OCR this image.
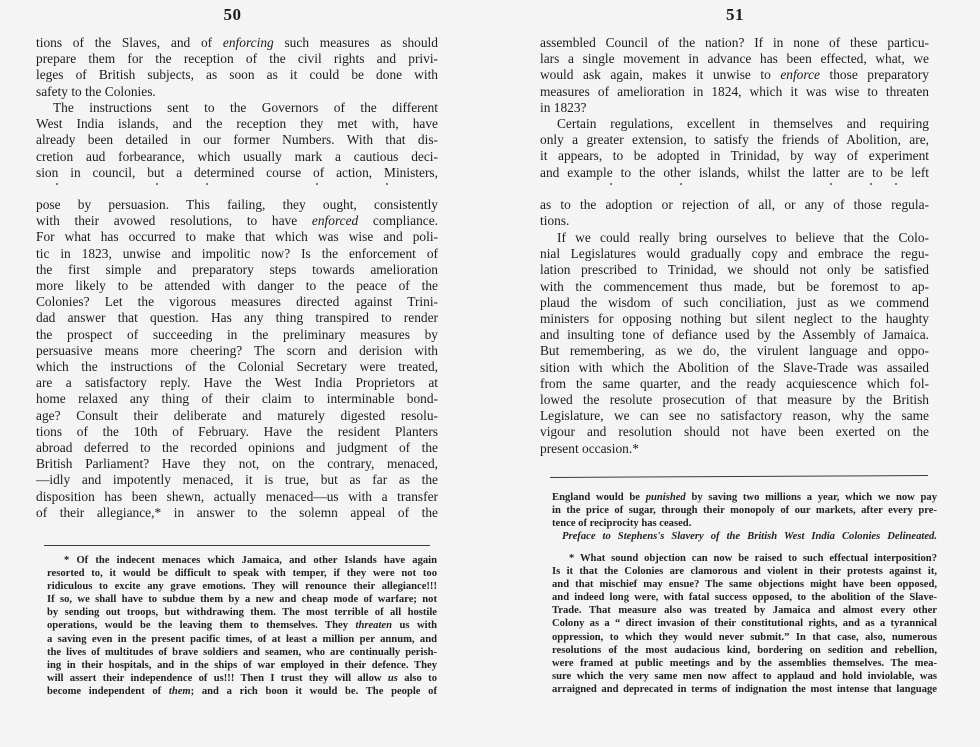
50
tions of the Slaves, and of enforcing such measures as should
prepare them for the reception of the civil rights and privi-
leges of British subjects, as soon as it could be done with
safety to the Colonies.
The instructions sent to the Governors of the different
West India islands, and the reception they met with, have
already been detailed in our former Numbers. With that dis-
cretion aud forbearance, which usually mark a cautious deci-
sion in council, but a determined course of action, Ministers,
pose by persuasion. This failing, they ought, consistently
with their avowed resolutions, to have enforced compliance.
For what has occurred to make that which was wise and poli-
tic in 1823, unwise and impolitic now? Is the enforcement of
the first simple and preparatory steps towards amelioration
more likely to be attended with danger to the peace of the
Colonies? Let the vigorous measures directed against Trini-
dad answer that question. Has any thing transpired to render
the prospect of succeeding in the preliminary measures by
persuasive means more cheering? The scorn and derision with
which the instructions of the Colonial Secretary were treated,
are a satisfactory reply. Have the West India Proprietors at
home relaxed any thing of their claim to interminable bond-
age? Consult their deliberate and maturely digested resolu-
tions of the 10th of February. Have the resident Planters
abroad deferred to the recorded opinions and judgment of the
British Parliament? Have they not, on the contrary, menaced,
—idly and impotently menaced, it is true, but as far as the
disposition has been shewn, actually menaced—us with a transfer
of their allegiance,* in answer to the solemn appeal of the
* Of the indecent menaces which Jamaica, and other Islands have again
resorted to, it would be difficult to speak with temper, if they were not too
ridiculous to excite any grave emotions. They will renounce their allegiance!!!
If so, we shall have to subdue them by a new and cheap mode of warfare; not
by sending out troops, but withdrawing them. The most terrible of all hostile
operations, would be the leaving them to themselves. They threaten us with
a saving even in the present pacific times, of at least a million per annum, and
the lives of multitudes of brave soldiers and seamen, who are continually perish-
ing in their hospitals, and in the ships of war employed in their defence. They
will assert their independence of us!!! Then I trust they will allow us also to
become independent of them; and a rich boon it would be. The people of
51
assembled Council of the nation? If in none of these particu-
lars a single movement in advance has been effected, what, we
would ask again, makes it unwise to enforce those preparatory
measures of amelioration in 1824, which it was wise to threaten
in 1823?
Certain regulations, excellent in themselves and requiring
only a greater extension, to satisfy the friends of Abolition, are,
it appears, to be adopted in Trinidad, by way of experiment
and example to the other islands, whilst the latter are to be left
as to the adoption or rejection of all, or any of those regula-
tions.
If we could really bring ourselves to believe that the Colo-
nial Legislatures would gradually copy and embrace the regu-
lation prescribed to Trinidad, we should not only be satisfied
with the commencement thus made, but be foremost to ap-
plaud the wisdom of such conciliation, just as we commend
ministers for opposing nothing but silent neglect to the haughty
and insulting tone of defiance used by the Assembly of Jamaica.
But remembering, as we do, the virulent language and oppo-
sition with which the Abolition of the Slave-Trade was assailed
from the same quarter, and the ready acquiescence which fol-
lowed the resolute prosecution of that measure by the British
Legislature, we can see no satisfactory reason, why the same
vigour and resolution should not have been exerted on the
present occasion.*
England would be punished by saving two millions a year, which we now pay
in the price of sugar, through their monopoly of our markets, after every pre-
tence of reciprocity has ceased.
Preface to Stephens's Slavery of the British West India Colonies Delineated.
* What sound objection can now be raised to such effectual interposition?
Is it that the Colonies are clamorous and violent in their protests against it,
and that mischief may ensue? The same objections might have been opposed,
and indeed long were, with fatal success opposed, to the abolition of the Slave-
Trade. That measure also was treated by Jamaica and almost every other
Colony as a “ direct invasion of their constitutional rights, and as a tyrannical
oppression, to which they would never submit.” In that case, also, numerous
resolutions of the most audacious kind, bordering on sedition and rebellion,
were framed at public meetings and by the assemblies themselves. The mea-
sure which the very same men now affect to applaud and hold inviolable, was
arraigned and deprecated in terms of indignation the most intense that language
